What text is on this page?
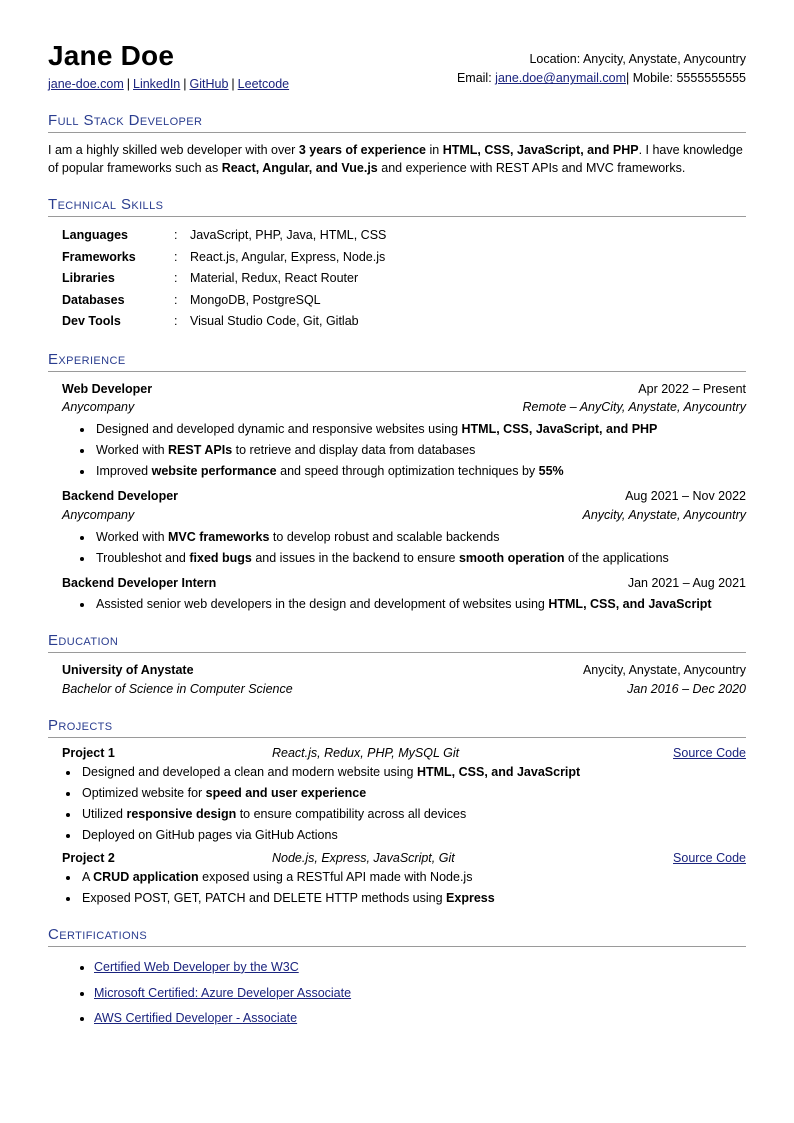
Jane Doe
jane-doe.com | LinkedIn | GitHub | Leetcode
Location: Anycity, Anystate, Anycountry
Email: jane.doe@anymail.com| Mobile: 5555555555
Full Stack Developer

I am a highly skilled web developer with over 3 years of experience in HTML, CSS, JavaScript, and PHP. I have knowledge of popular frameworks such as React, Angular, and Vue.js and experience with REST APIs and MVC frameworks.

Technical Skills
Languages	:	JavaScript, PHP, Java, HTML, CSS
Frameworks	:	React.js, Angular, Express, Node.js
Libraries	:	Material, Redux, React Router
Databases	:	MongoDB, PostgreSQL
Dev Tools	:	Visual Studio Code, Git, Gitlab
Experience
Web Developer	Apr 2022 – Present
Anycompany	Remote – AnyCity, Anystate, Anycountry
• Designed and developed dynamic and responsive websites using HTML, CSS, JavaScript, and PHP
• Worked with REST APIs to retrieve and display data from databases
• Improved website performance and speed through optimization techniques by 55%
Backend Developer	Aug 2021 – Nov 2022
Anycompany	Anycity, Anystate, Anycountry
• Worked with MVC frameworks to develop robust and scalable backends
• Troubleshot and fixed bugs and issues in the backend to ensure smooth operation of the applications
Backend Developer Intern	Jan 2021 – Aug 2021
• Assisted senior web developers in the design and development of websites using HTML, CSS, and JavaScript
Education
University of Anystate	Anycity, Anystate, Anycountry
Bachelor of Science in Computer Science	Jan 2016 – Dec 2020
Projects
Project 1	React.js, Redux, PHP, MySQL Git	Source Code
• Designed and developed a clean and modern website using HTML, CSS, and JavaScript
• Optimized website for speed and user experience
• Utilized responsive design to ensure compatibility across all devices
• Deployed on GitHub pages via GitHub Actions
Project 2	Node.js, Express, JavaScript, Git	Source Code
• A CRUD application exposed using a RESTful API made with Node.js
• Exposed POST, GET, PATCH and DELETE HTTP methods using Express
Certifications
• Certified Web Developer by the W3C
• Microsoft Certified: Azure Developer Associate
• AWS Certified Developer - Associate
